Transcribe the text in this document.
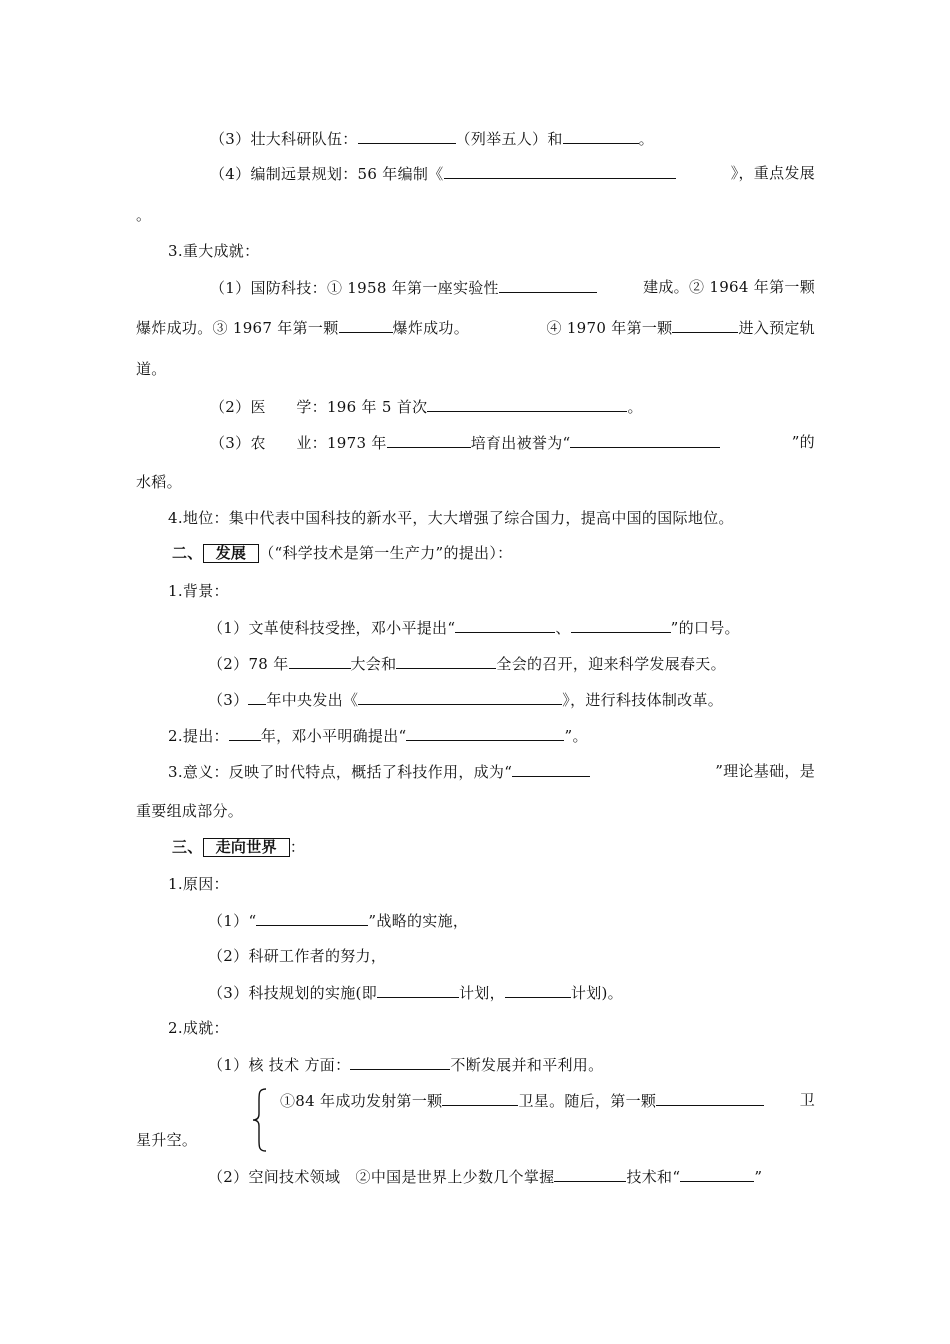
（3）壮大科研队伍：	（列举五人）和	。
（4）编制远景规划：56 年编制《	》，重点发展
。
3.重大成就：
（1）国防科技：① 1958 年第一座实验性	建成。② 1964 年第一颗
爆炸成功。③ 1967 年第一颗	爆炸成功。	④ 1970 年第一颗	进入预定轨
道。
（2）医　　学：196 年 5 首次	。
（3）农　　业：1973 年	培育出被誉为“	”的
水稻。
4.地位：集中代表中国科技的新水平，大大增强了综合国力，提高中国的国际地位。
二、 发展 （“科学技术是第一生产力”的提出）：
1.背景：
（1）文革使科技受挫，邓小平提出“	、	”的口号。
（2）78 年	大会和	全会的召开，迎来科学发展春天。
（3） 年中央发出《	》，进行科技体制改革。
2.提出： 年，邓小平明确提出“	”。
3.意义：反映了时代特点，概括了科技作用，成为“	”理论基础，是
重要组成部分。
三、 走向世界 ：
1.原因：
（1）“	”战略的实施，
（2）科研工作者的努力，
（3）科技规划的实施(即	计划，	计划)。
2.成就：
（1）核 技术 方面：	不断发展并和平利用。
①84 年成功发射第一颗	卫星。随后，第一颗	卫
星升空。
（2）空间技术领域　②中国是世界上少数几个掌握	技术和“	”
